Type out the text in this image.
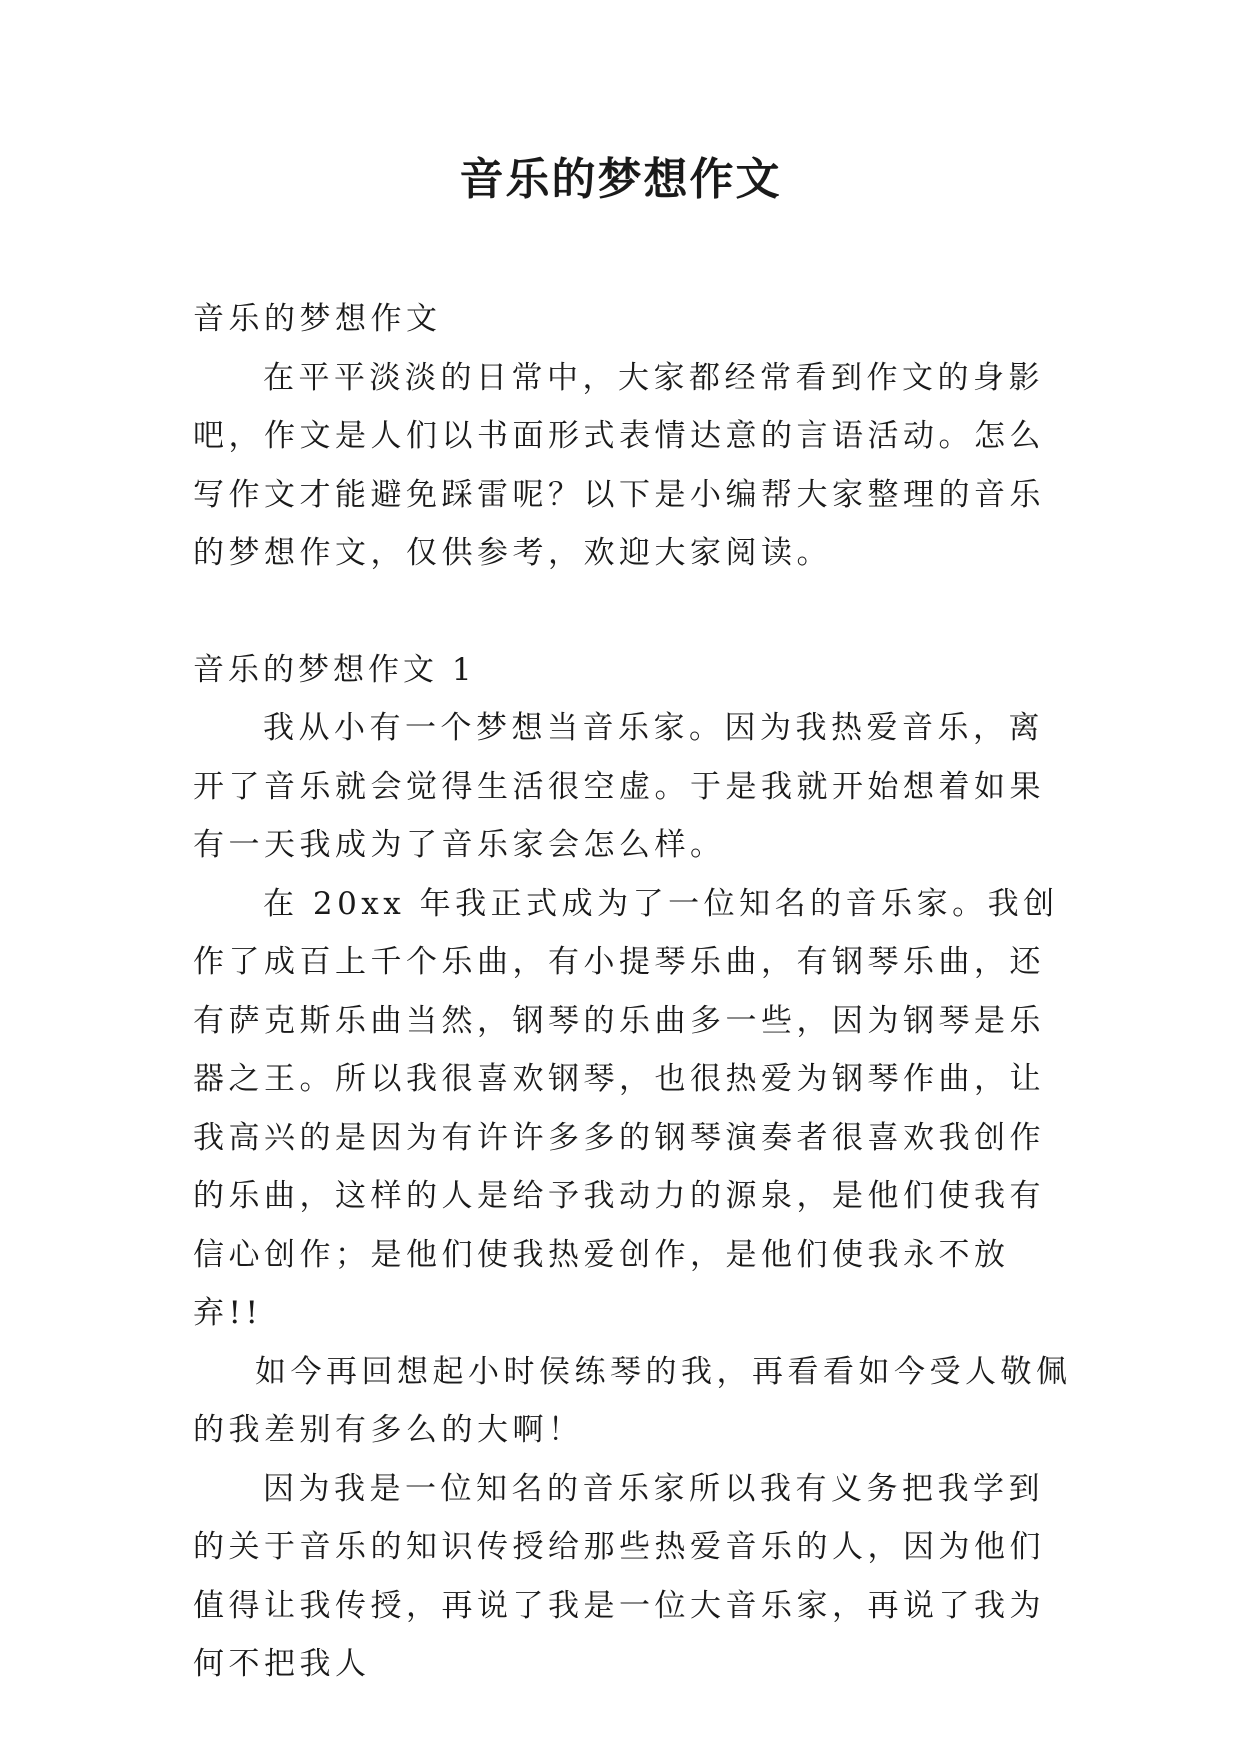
音乐的梦想作文

音乐的梦想作文

在平平淡淡的日常中，大家都经常看到作文的身影吧，作文是人们以书面形式表情达意的言语活动。怎么写作文才能避免踩雷呢？以下是小编帮大家整理的音乐的梦想作文，仅供参考，欢迎大家阅读。

音乐的梦想作文 1

我从小有一个梦想当音乐家。因为我热爱音乐，离开了音乐就会觉得生活很空虚。于是我就开始想着如果有一天我成为了音乐家会怎么样。

在 20xx 年我正式成为了一位知名的音乐家。我创作了成百上千个乐曲，有小提琴乐曲，有钢琴乐曲，还有萨克斯乐曲当然，钢琴的乐曲多一些，因为钢琴是乐器之王。所以我很喜欢钢琴，也很热爱为钢琴作曲，让我高兴的是因为有许许多多的钢琴演奏者很喜欢我创作的乐曲，这样的人是给予我动力的源泉，是他们使我有信心创作；是他们使我热爱创作，是他们使我永不放弃!!

如今再回想起小时侯练琴的我，再看看如今受人敬佩的我差别有多么的大啊！

因为我是一位知名的音乐家所以我有义务把我学到的关于音乐的知识传授给那些热爱音乐的人，因为他们值得让我传授，再说了我是一位大音乐家，再说了我为何不把我人
